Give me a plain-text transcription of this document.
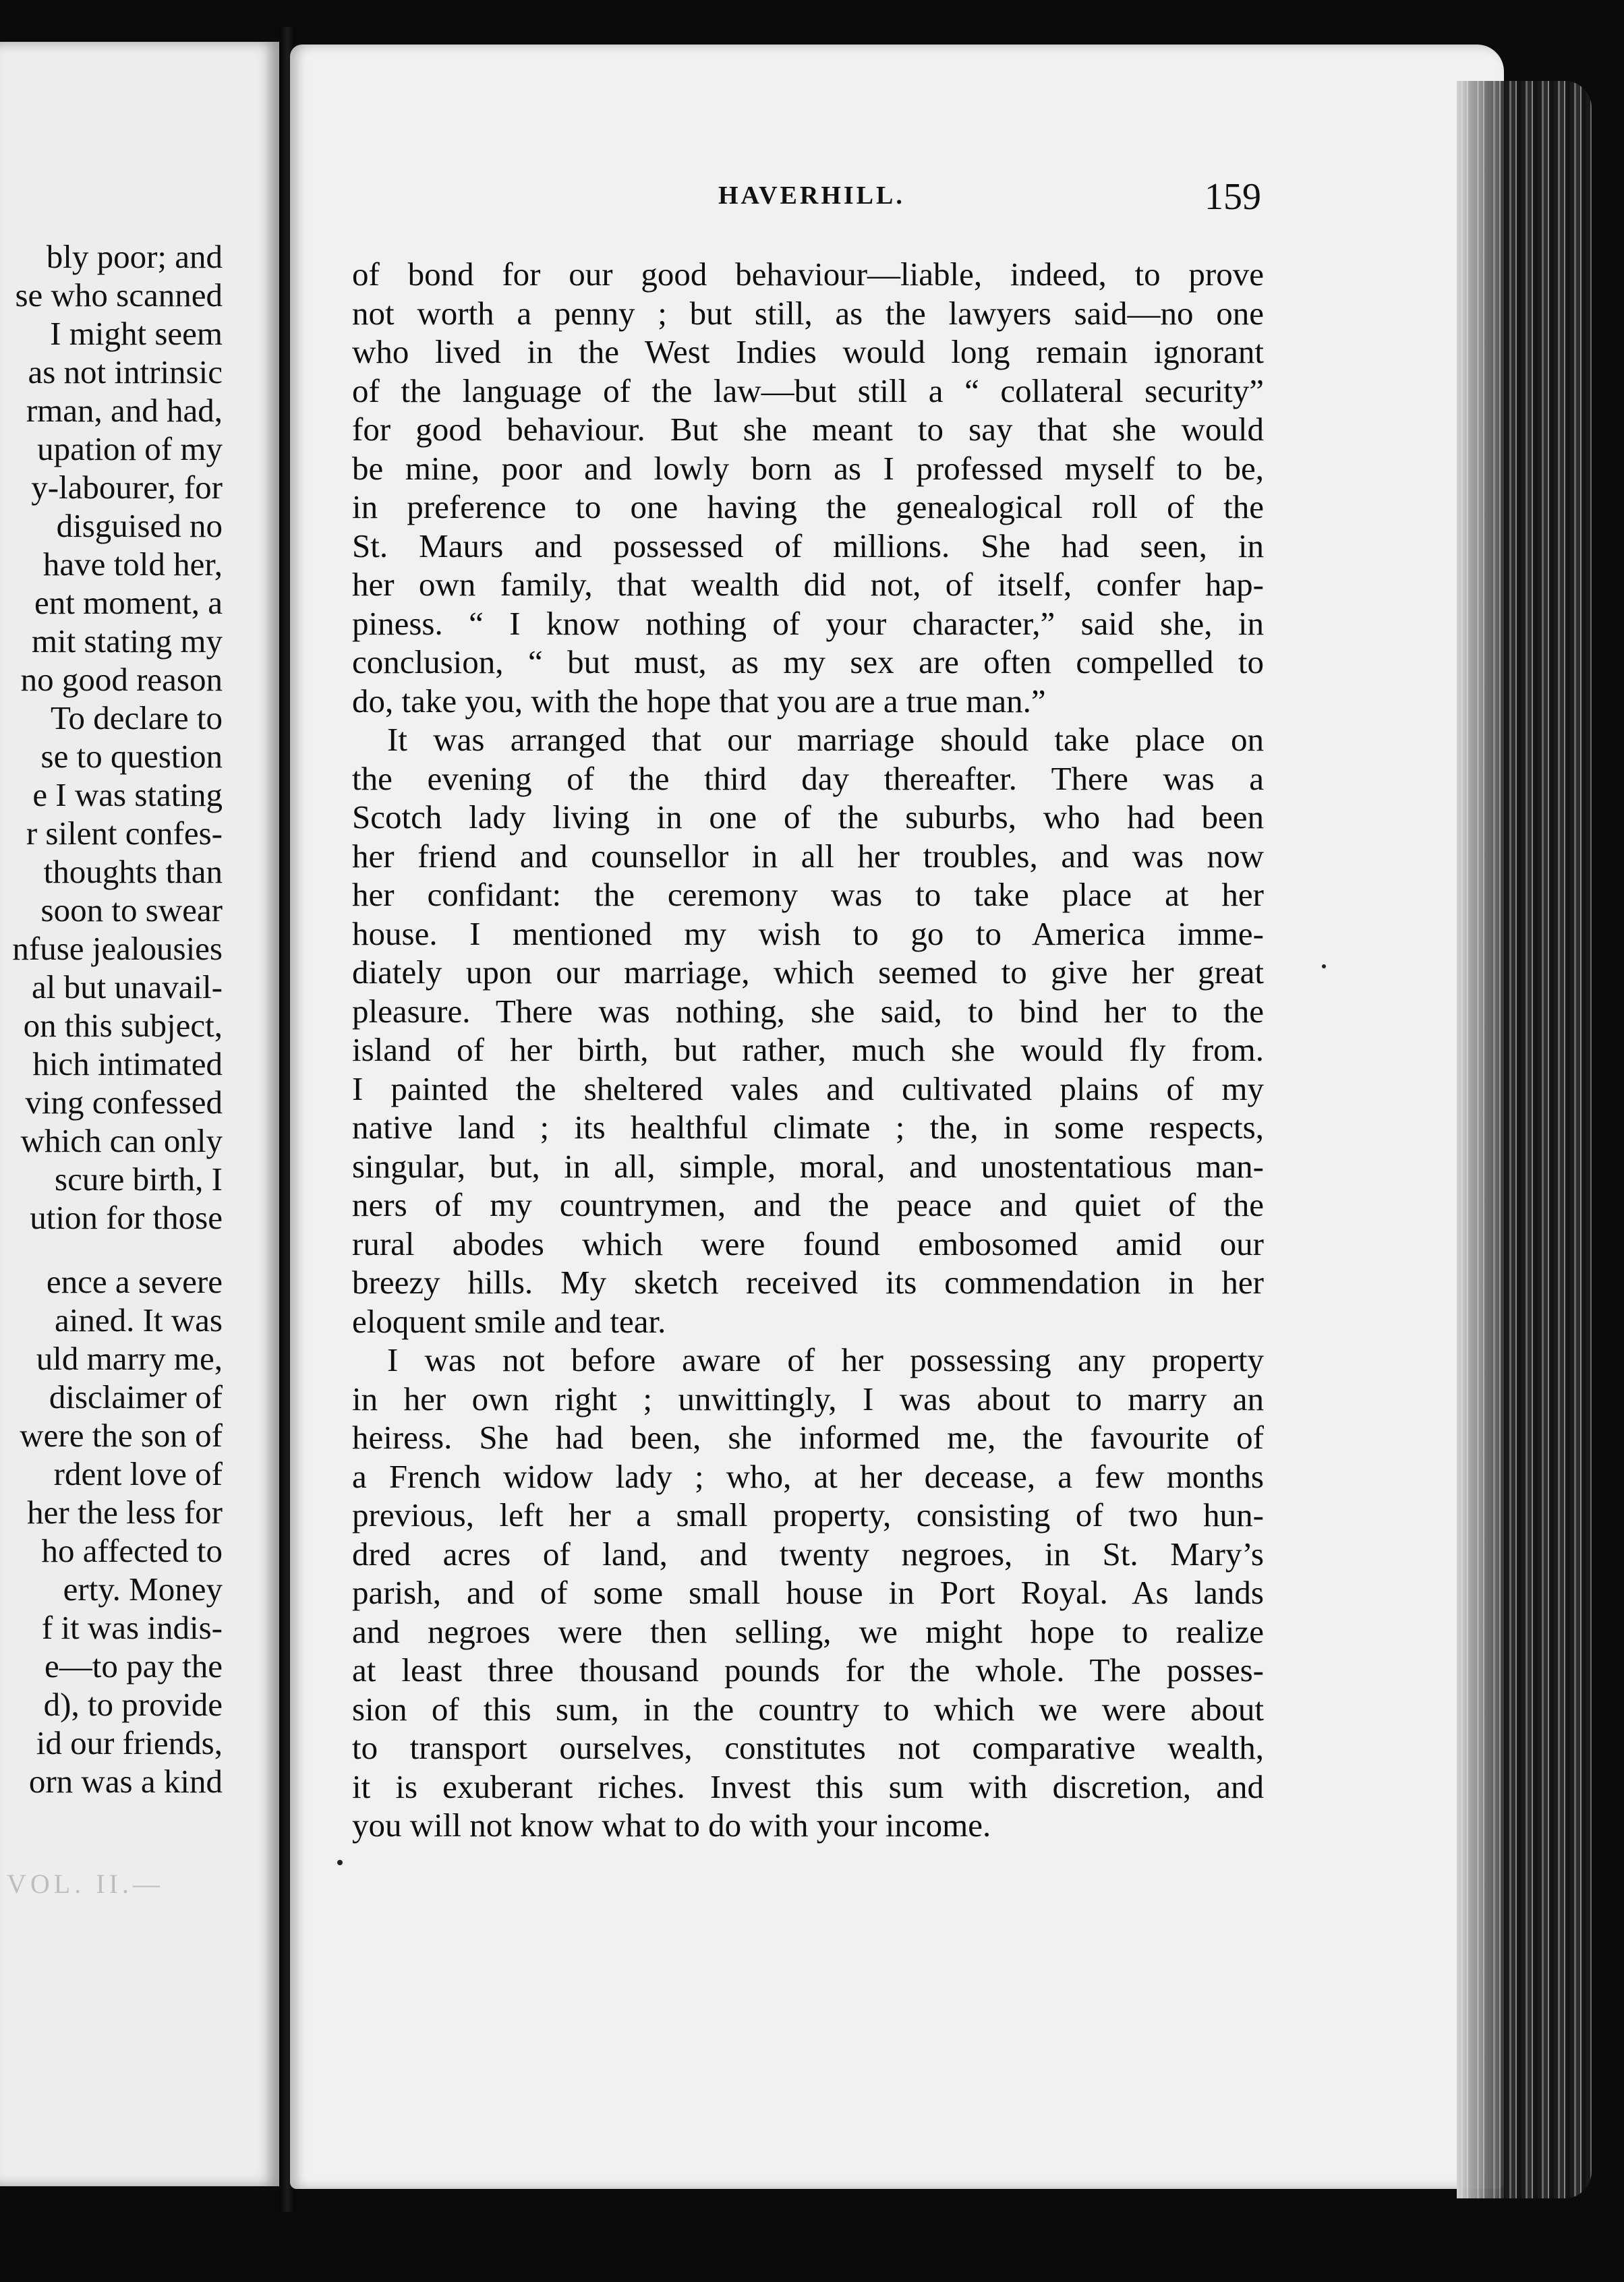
bly poor; and
se who scanned
I might seem
as not intrinsic
rman, and had,
upation of my
y-labourer, for
disguised no
have told her,
ent moment, a
mit stating my
no good reason
To declare to
se to question
e I was stating
r silent confes-
thoughts than
soon to swear
nfuse jealousies
al but unavail-
on this subject,
hich intimated
ving confessed
which can only
scure birth, I
ution for those
ence a severe
ained. It was
uld marry me,
disclaimer of
were the son of
rdent love of
her the less for
ho affected to
erty. Money
f it was indis-
e—to pay the
d), to provide
id our friends,
orn was a kind
VOL. II.—
HAVERHILL.	159
of bond for our good behaviour—liable, indeed, to prove
not worth a penny ; but still, as the lawyers said—no one
who lived in the West Indies would long remain ignorant
of the language of the law—but still a “ collateral security”
for good behaviour. But she meant to say that she would
be mine, poor and lowly born as I professed myself to be,
in preference to one having the genealogical roll of the
St. Maurs and possessed of millions. She had seen, in
her own family, that wealth did not, of itself, confer hap-
piness. “ I know nothing of your character,” said she, in
conclusion, “ but must, as my sex are often compelled to
do, take you, with the hope that you are a true man.”
It was arranged that our marriage should take place on
the evening of the third day thereafter. There was a
Scotch lady living in one of the suburbs, who had been
her friend and counsellor in all her troubles, and was now
her confidant: the ceremony was to take place at her
house. I mentioned my wish to go to America imme-
diately upon our marriage, which seemed to give her great
pleasure. There was nothing, she said, to bind her to the
island of her birth, but rather, much she would fly from.
I painted the sheltered vales and cultivated plains of my
native land ; its healthful climate ; the, in some respects,
singular, but, in all, simple, moral, and unostentatious man-
ners of my countrymen, and the peace and quiet of the
rural abodes which were found embosomed amid our
breezy hills. My sketch received its commendation in her
eloquent smile and tear.
I was not before aware of her possessing any property
in her own right ; unwittingly, I was about to marry an
heiress. She had been, she informed me, the favourite of
a French widow lady ; who, at her decease, a few months
previous, left her a small property, consisting of two hun-
dred acres of land, and twenty negroes, in St. Mary’s
parish, and of some small house in Port Royal. As lands
and negroes were then selling, we might hope to realize
at least three thousand pounds for the whole. The posses-
sion of this sum, in the country to which we were about
to transport ourselves, constitutes not comparative wealth,
it is exuberant riches. Invest this sum with discretion, and
you will not know what to do with your income.
